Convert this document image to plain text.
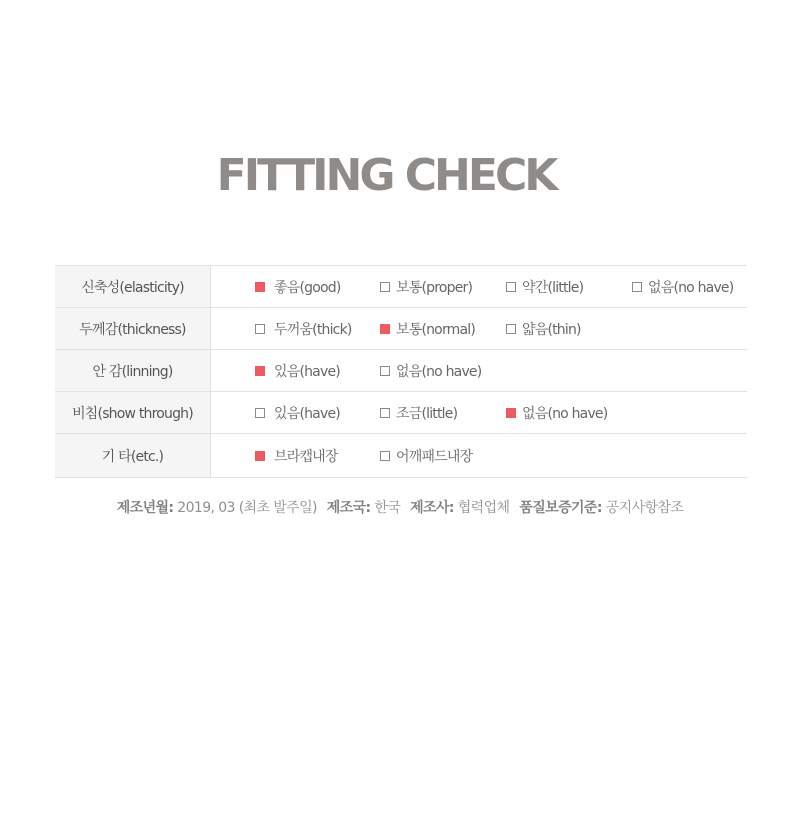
FITTING CHECK
신축성(elasticity)	좋음(good) 보통(proper) 약간(little) 없음(no have)

두께감(thickness)	두꺼움(thick) 보통(normal) 얇음(thin)

안 감(linning)	있음(have) 없음(no have)

비침(show through)	있음(have) 조금(little) 없음(no have)

기 타(etc.)	브라캡내장 어깨패드내장
제조년월: 2019, 03 (최초 발주일) 제조국: 한국 제조사: 협력업체 품질보증기준: 공지사항참조
